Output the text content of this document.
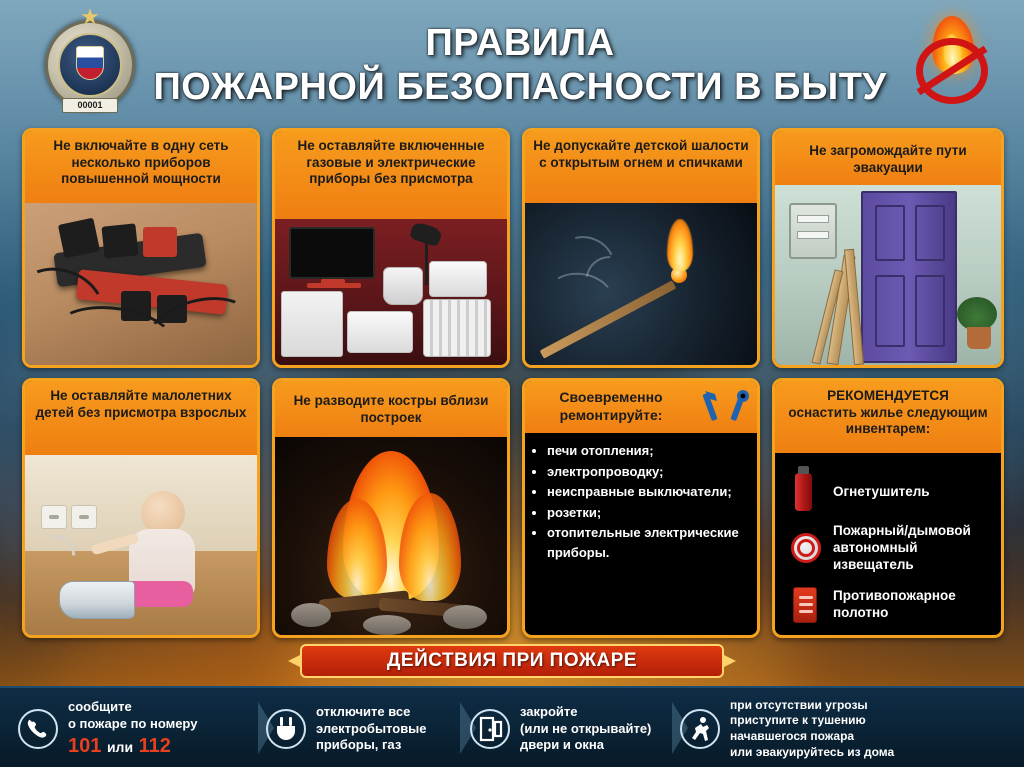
★
00001
ПРАВИЛА
ПОЖАРНОЙ БЕЗОПАСНОСТИ В БЫТУ
Не включайте в одну сеть несколько приборов повышенной мощности
Не оставляйте включенные газовые и электрические приборы без присмотра
Не допускайте детской шалости с открытым огнем и спичками
Не загромождайте пути эвакуации
Не оставляйте малолетних детей без присмотра взрослых
Не разводите костры вблизи построек
Своевременно ремонтируйте:
• печи отопления;
• электропроводку;
• неисправные выключатели;
• розетки;
• отопительные электрические приборы.
РЕКОМЕНДУЕТСЯ
оснастить жилье следующим инвентарем:
Огнетушитель
Пожарный/дымовой автономный извещатель
Противопожарное полотно
ДЕЙСТВИЯ ПРИ ПОЖАРЕ
сообщите
о пожаре по номеру
101 или 112
отключите все
электробытовые
приборы, газ
закройте
(или не открывайте)
двери и окна
при отсутствии угрозы
приступите к тушению
начавшегося пожара
или эвакуируйтесь из дома
